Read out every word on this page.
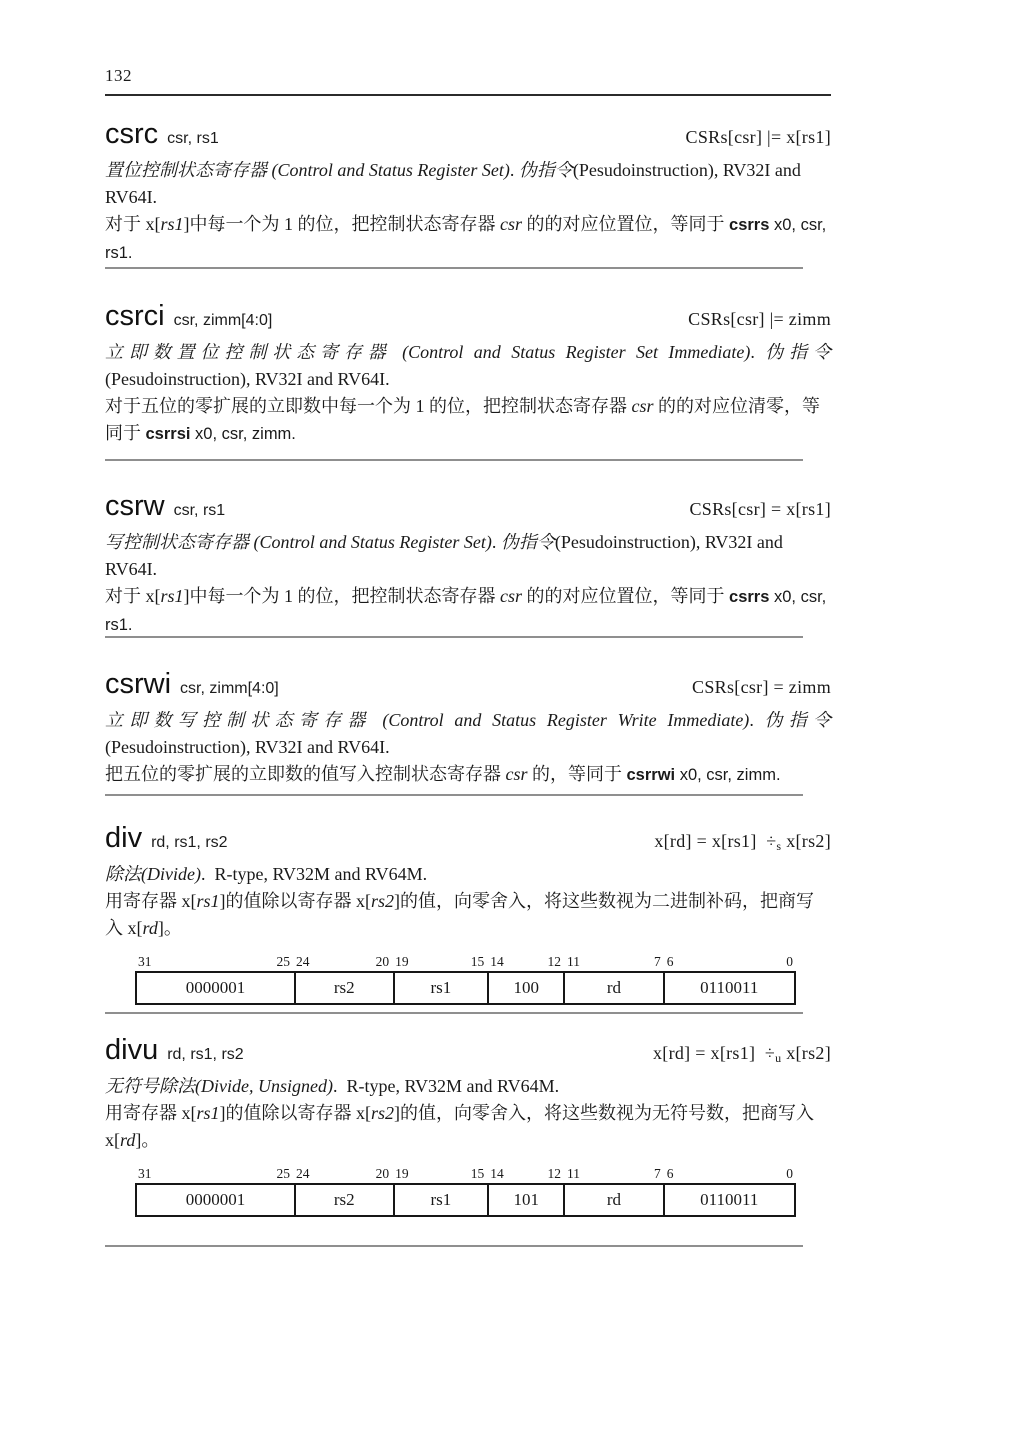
132
csrc csr, rs1	CSRs[csr] |= x[rs1]
置位控制状态寄存器 (Control and Status Register Set). 伪指令(Pesudoinstruction), RV32I and
RV64I.
对于 x[rs1]中每一个为 1 的位，把控制状态寄存器 csr 的的对应位置位，等同于 csrrs x0, csr,
rs1.
csrci csr, zimm[4:0]	CSRs[csr] |= zimm
立即数置位控制状态寄存器 (Control and Status Register Set Immediate). 伪指令
(Pesudoinstruction), RV32I and RV64I.
对于五位的零扩展的立即数中每一个为 1 的位，把控制状态寄存器 csr 的的对应位清零，等
同于 csrrsi x0, csr, zimm.
csrw csr, rs1	CSRs[csr] = x[rs1]
写控制状态寄存器 (Control and Status Register Set). 伪指令(Pesudoinstruction), RV32I and
RV64I.
对于 x[rs1]中每一个为 1 的位，把控制状态寄存器 csr 的的对应位置位，等同于 csrrs x0, csr,
rs1.
csrwi csr, zimm[4:0]	CSRs[csr] = zimm
立即数写控制状态寄存器 (Control and Status Register Write Immediate). 伪指令
(Pesudoinstruction), RV32I and RV64I.
把五位的零扩展的立即数的值写入控制状态寄存器 csr 的，等同于 csrrwi x0, csr, zimm.
div rd, rs1, rs2	x[rd] = x[rs1]  ÷s x[rs2]
除法(Divide).  R-type, RV32M and RV64M.
用寄存器 x[rs1]的值除以寄存器 x[rs2]的值，向零舍入，将这些数视为二进制补码，把商写
入 x[rd]。
31	25 24	20 19	15 14	12 11	7 6	0
0000001	rs2	rs1	100	rd	0110011
divu rd, rs1, rs2	x[rd] = x[rs1]  ÷u x[rs2]
无符号除法(Divide, Unsigned).  R-type, RV32M and RV64M.
用寄存器 x[rs1]的值除以寄存器 x[rs2]的值，向零舍入，将这些数视为无符号数，把商写入
x[rd]。
31	25 24	20 19	15 14	12 11	7 6	0
0000001	rs2	rs1	101	rd	0110011
